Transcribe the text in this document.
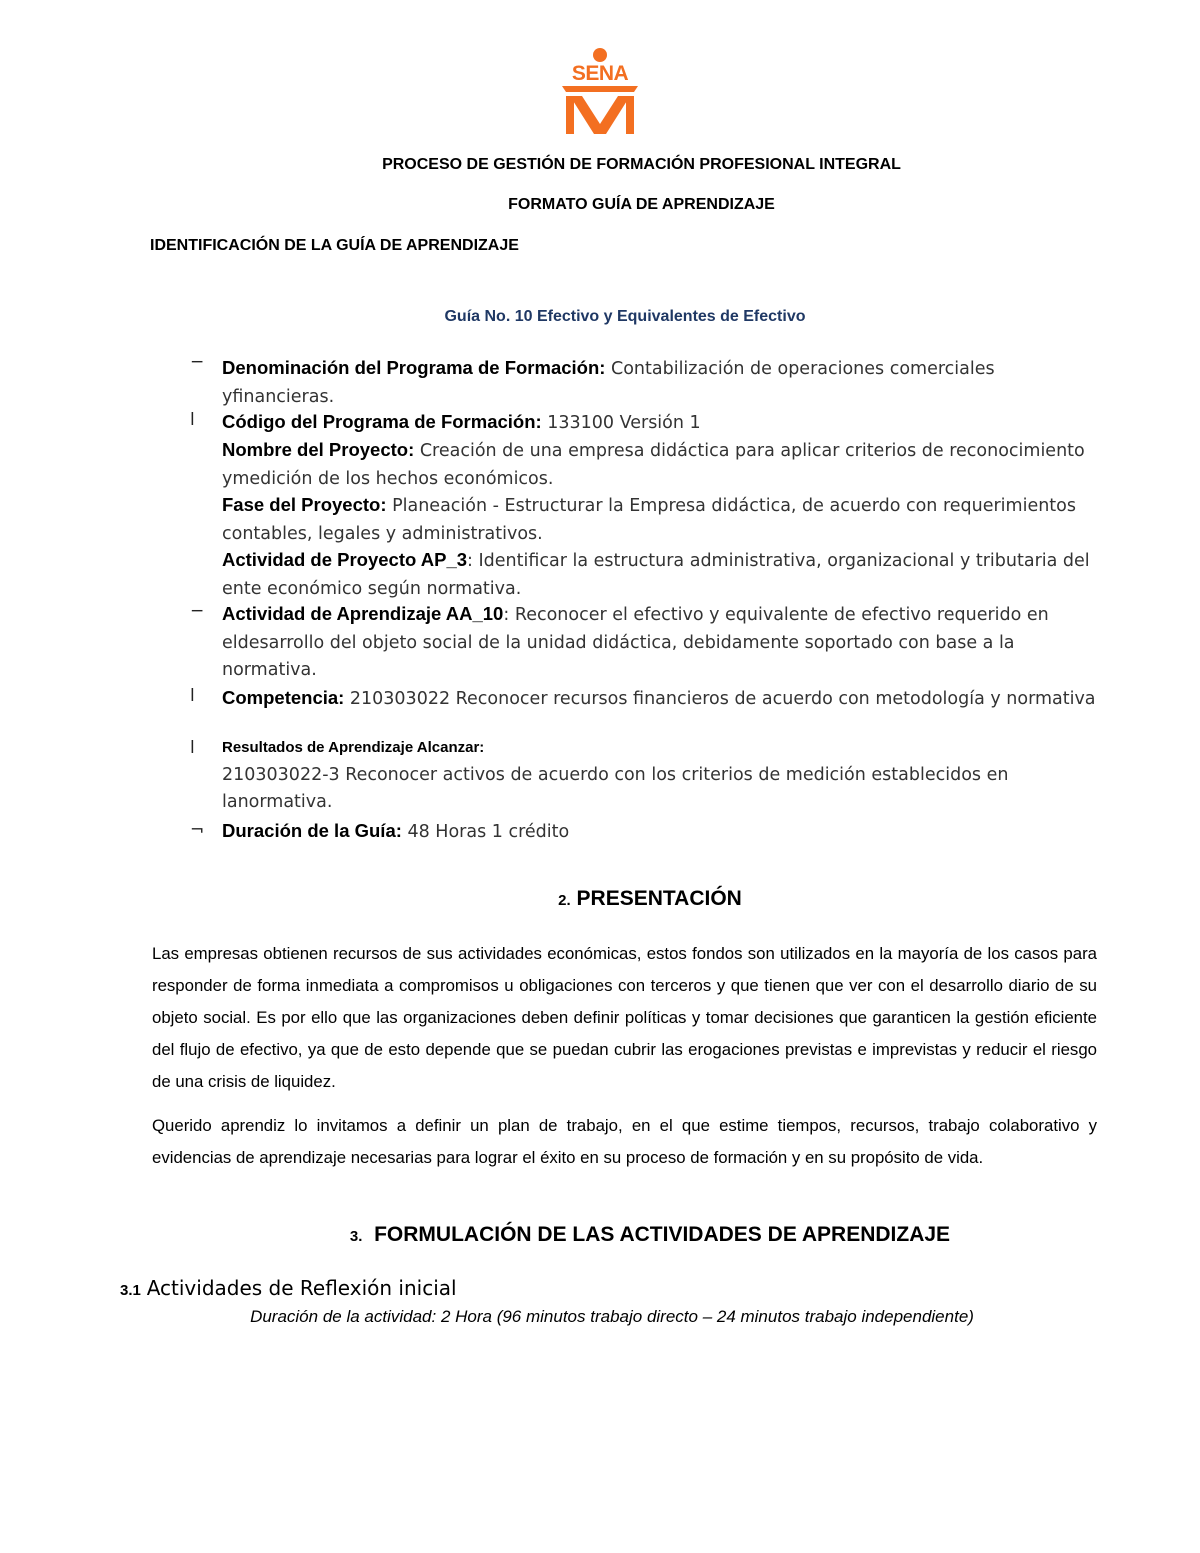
SENA
PROCESO DE GESTIÓN DE FORMACIÓN PROFESIONAL INTEGRAL
FORMATO GUÍA DE APRENDIZAJE
IDENTIFICACIÓN DE LA GUÍA DE APRENDIZAJE
Guía No. 10 Efectivo y Equivalentes de Efectivo
−
l
−
l
l
¬
Denominación del Programa de Formación: Contabilización de operaciones comerciales yfinancieras.
Código del Programa de Formación: 133100 Versión 1
Nombre del Proyecto: Creación de una empresa didáctica para aplicar criterios de reconocimiento ymedición de los hechos económicos.
Fase del Proyecto: Planeación - Estructurar la Empresa didáctica, de acuerdo con requerimientos contables, legales y administrativos.
Actividad de Proyecto AP_3: Identificar la estructura administrativa, organizacional y tributaria del ente económico según normativa.
Actividad de Aprendizaje AA_10: Reconocer el efectivo y equivalente de efectivo requerido en eldesarrollo del objeto social de la unidad didáctica, debidamente soportado con base a la normativa.
Competencia: 210303022 Reconocer recursos financieros de acuerdo con metodología y normativa
Resultados de Aprendizaje Alcanzar:
210303022-3 Reconocer activos de acuerdo con los criterios de medición establecidos en lanormativa.
Duración de la Guía: 48 Horas 1 crédito
2. PRESENTACIÓN
Las empresas obtienen recursos de sus actividades económicas, estos fondos son utilizados en la mayoría de los casos para responder de forma inmediata a compromisos u obligaciones con terceros y que tienen que ver con el desarrollo diario de su objeto social. Es por ello que las organizaciones deben definir políticas y tomar decisiones que garanticen la gestión eficiente del flujo de efectivo, ya que de esto depende que se puedan cubrir las erogaciones previstas e imprevistas y reducir el riesgo de una crisis de liquidez.
Querido aprendiz lo invitamos a definir un plan de trabajo, en el que estime tiempos, recursos, trabajo colaborativo y evidencias de aprendizaje necesarias para lograr el éxito en su proceso de formación y en su propósito de vida.
3. FORMULACIÓN DE LAS ACTIVIDADES DE APRENDIZAJE
3.1 Actividades de Reflexión inicial
Duración de la actividad: 2 Hora (96 minutos trabajo directo – 24 minutos trabajo independiente)
